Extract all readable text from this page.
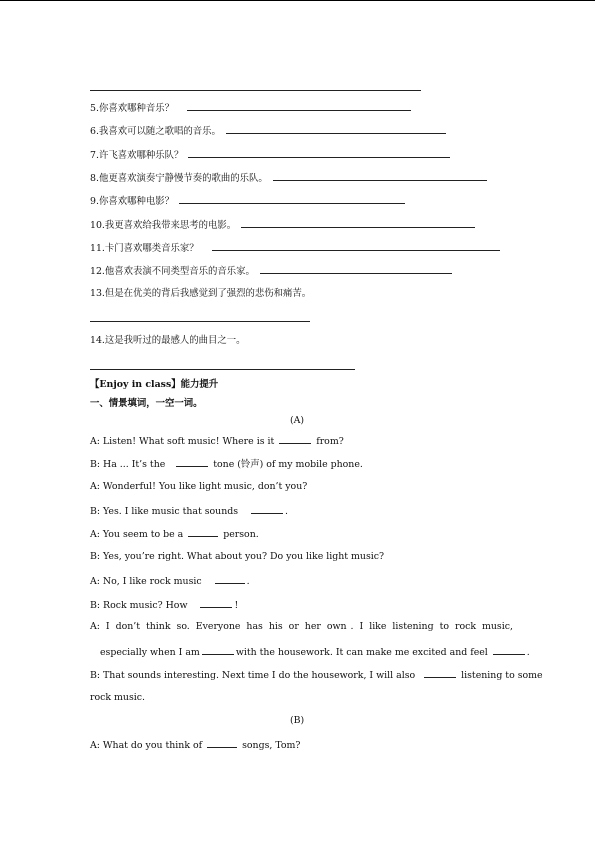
5.你喜欢哪种音乐？
6.我喜欢可以随之歌唱的音乐。
7.许飞喜欢哪种乐队？
8.他更喜欢演奏宁静慢节奏的歌曲的乐队。
9.你喜欢哪种电影？
10.我更喜欢给我带来思考的电影。
11.卡门喜欢哪类音乐家？
12.他喜欢表演不同类型音乐的音乐家。
13.但是在优美的背后我感觉到了强烈的悲伤和痛苦。
14.这是我听过的最感人的曲目之一。
【Enjoy in class】能力提升
一、情景填词，一空一词。
(A)
A: Listen! What soft music! Where is it	from?
B: Ha ... It’s the	tone (铃声) of my mobile phone.
A: Wonderful! You like light music, don’t you?
B: Yes. I like music that sounds	.
A: You seem to be a	person.
B: Yes, you’re right. What about you? Do you like light music?
A: No, I like rock music	.
B: Rock music? How	!
A: I don’t think so. Everyone has his or her own . I like listening to rock music,
especially when I am	with the housework. It can make me excited and feel	.
B: That sounds interesting. Next time I do the housework, I will also	listening to some
rock music.
(B)
A: What do you think of	songs, Tom?
